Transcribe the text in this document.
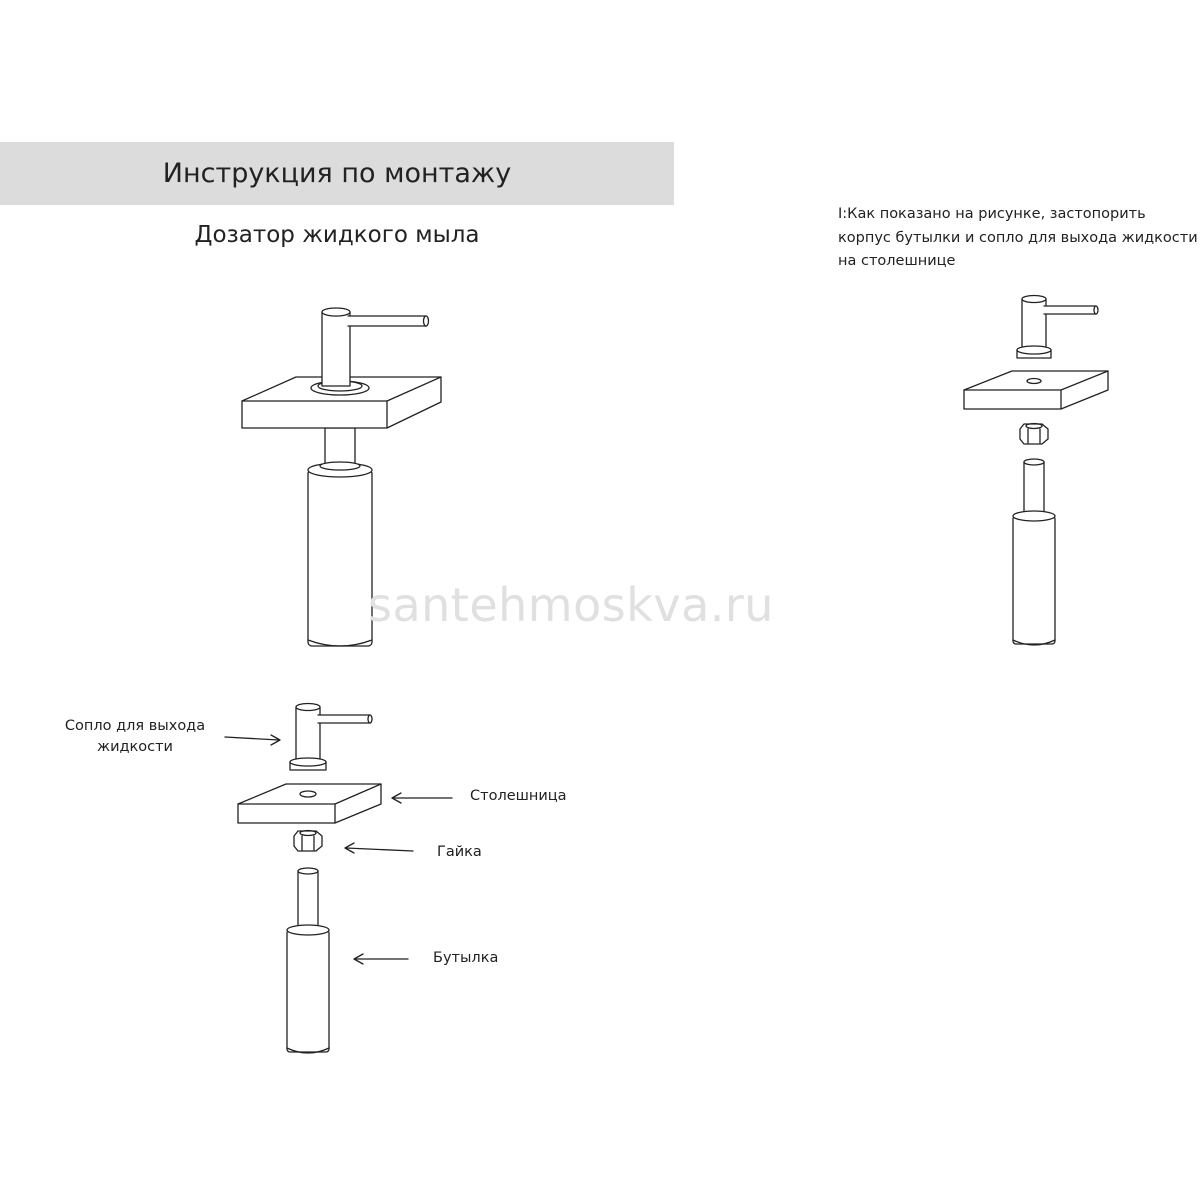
Инструкция по монтажу
Дозатор жидкого мыла
I:Как показано на рисунке, застопорить корпус бутылки и сопло для выхода жидкости на столешнице
santehmoskva.ru
Сопло для выхода
жидкости
Столешница
Гайка
Бутылка
